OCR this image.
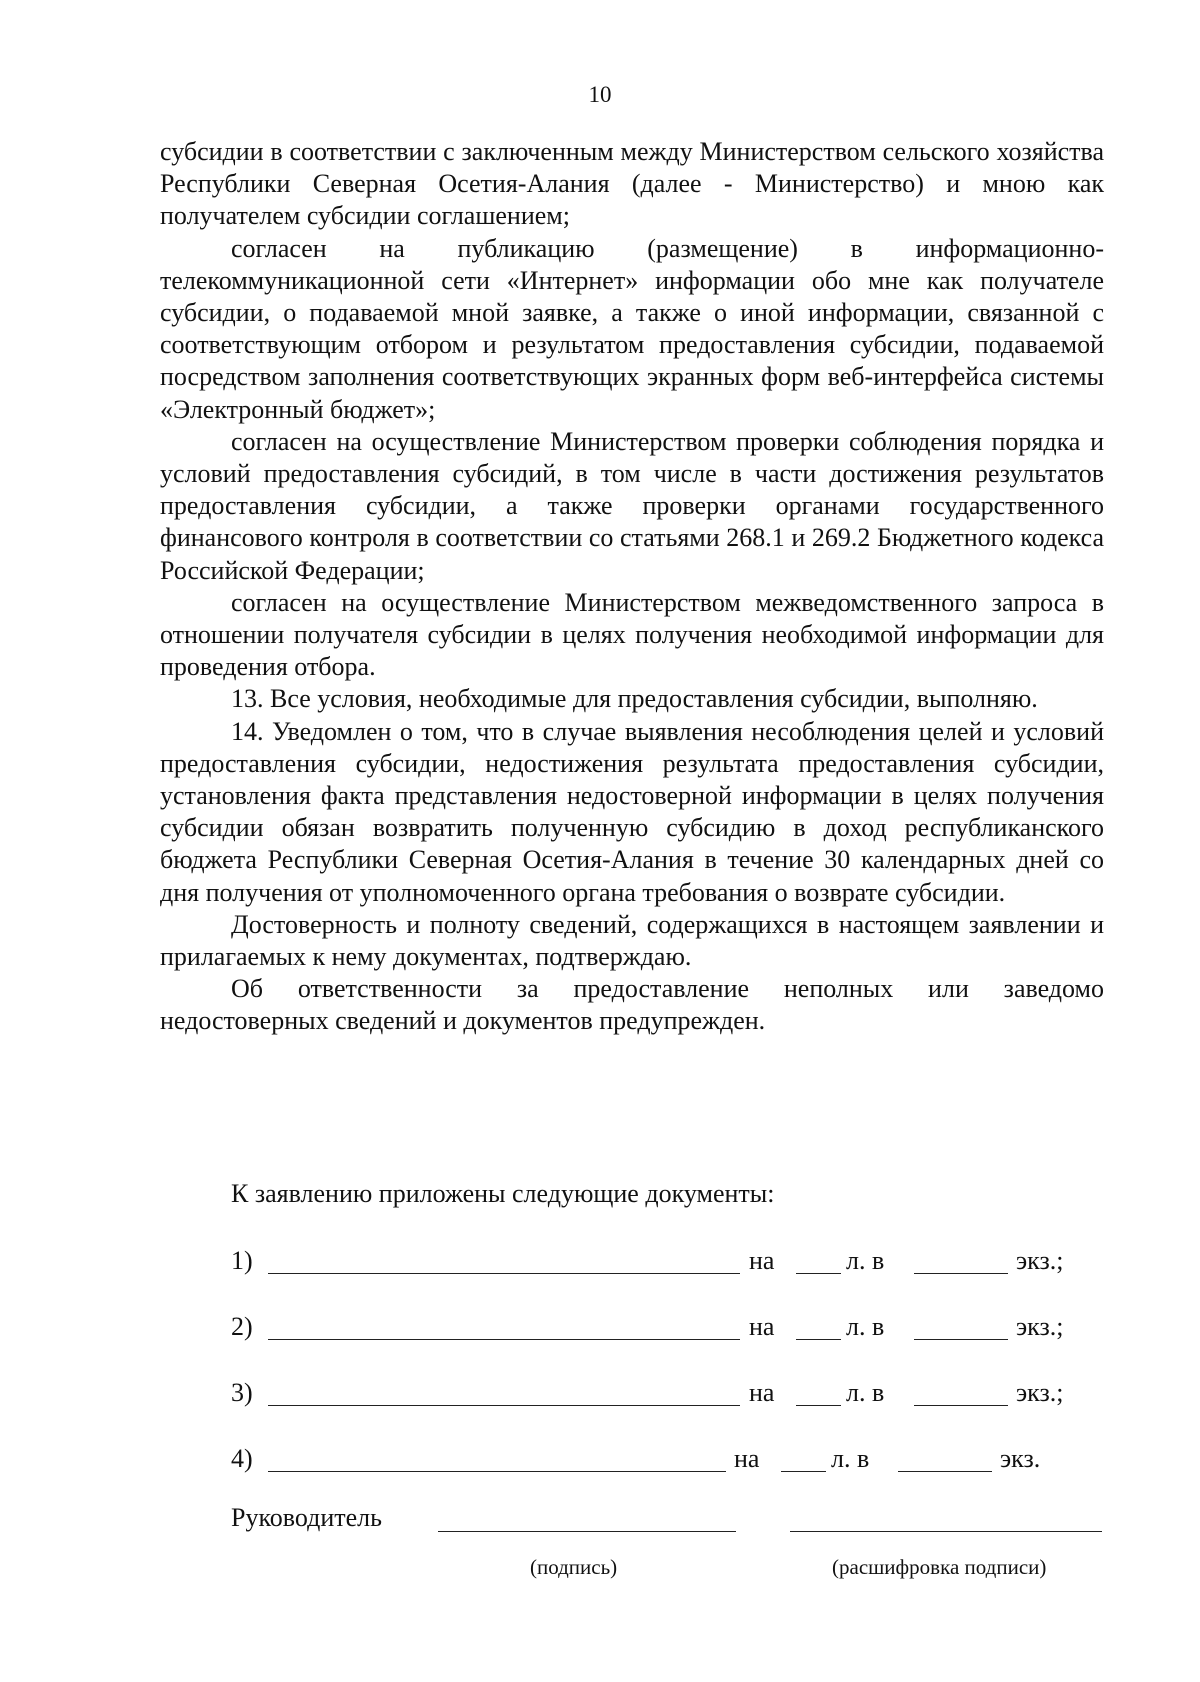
10

субсидии в соответствии с заключенным между Министерством сельского хозяйства Республики Северная Осетия-Алания (далее - Министерство) и мною как получателем субсидии соглашением;

согласен на публикацию (размещение) в информационно-телекоммуникационной сети «Интернет» информации обо мне как получателе субсидии, о подаваемой мной заявке, а также о иной информации, связанной с соответствующим отбором и результатом предоставления субсидии, подаваемой посредством заполнения соответствующих экранных форм веб-интерфейса системы «Электронный бюджет»;

согласен на осуществление Министерством проверки соблюдения порядка и условий предоставления субсидий, в том числе в части достижения результатов предоставления субсидии, а также проверки органами государственного финансового контроля в соответствии со статьями 268.1 и 269.2 Бюджетного кодекса Российской Федерации;

согласен на осуществление Министерством межведомственного запроса в отношении получателя субсидии в целях получения необходимой информации для проведения отбора.

13. Все условия, необходимые для предоставления субсидии, выполняю.

14. Уведомлен о том, что в случае выявления несоблюдения целей и условий предоставления субсидии, недостижения результата предоставления субсидии, установления факта представления недостоверной информации в целях получения субсидии обязан возвратить полученную субсидию в доход республиканского бюджета Республики Северная Осетия-Алания в течение 30 календарных дней со дня получения от уполномоченного органа требования о возврате субсидии.

Достоверность и полноту сведений, содержащихся в настоящем заявлении и прилагаемых к нему документах, подтверждаю.

Об ответственности за предоставление неполных или заведомо недостоверных сведений и документов предупрежден.

К заявлению приложены следующие документы:
1)	на	л. в	экз.;
2)	на	л. в	экз.;
3)	на	л. в	экз.;
4)	на	л. в	экз.
Руководитель
(подпись)	(расшифровка подписи)
